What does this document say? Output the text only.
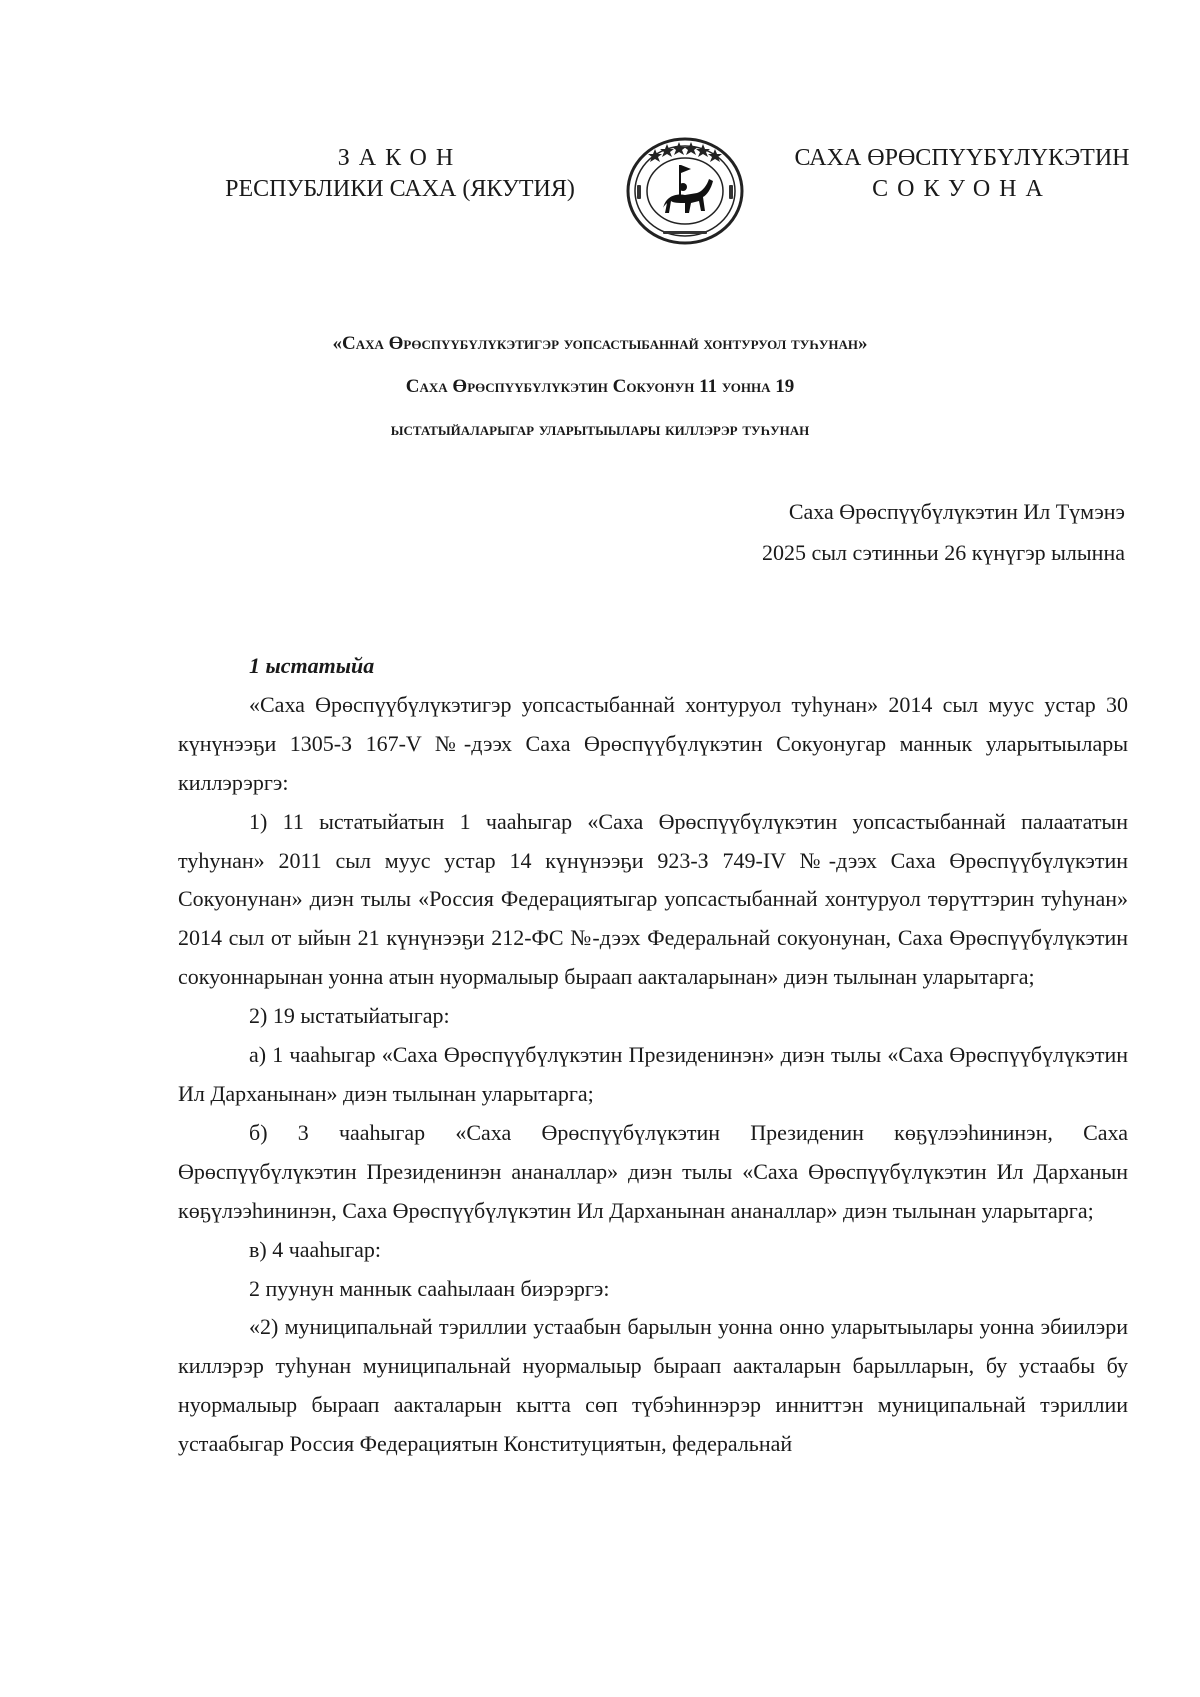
ЗАКОН
РЕСПУБЛИКИ САХА (ЯКУТИЯ)
САХА ӨРӨСПҮҮБҮЛҮКЭТИН
СОКУОНА
«Саха Өрөспүүбүлүкэтигэр уопсастыбаннай хонтуруол туһунан»
Саха Өрөспүүбүлүкэтин Сокуонун 11 уонна 19
ыстатыйаларыгар уларытыылары киллэрэр туһунан
Саха Өрөспүүбүлүкэтин Ил Түмэнэ
2025 сыл сэтинньи 26 күнүгэр ылынна
1 ыстатыйа

«Саха Өрөспүүбүлүкэтигэр уопсастыбаннай хонтуруол туһунан» 2014 сыл муус устар 30 күнүнээҕи 1305-З 167-V №-дээх Саха Өрөспүүбүлүкэтин Сокуонугар маннык уларытыылары киллэрэргэ:

1) 11 ыстатыйатын 1 чааһыгар «Саха Өрөспүүбүлүкэтин уопсастыбаннай палаататын туһунан» 2011 сыл муус устар 14 күнүнээҕи 923-З 749-IV №-дээх Саха Өрөспүүбүлүкэтин Сокуонунан» диэн тылы «Россия Федерациятыгар уопсастыбаннай хонтуруол төрүттэрин туһунан» 2014 сыл от ыйын 21 күнүнээҕи 212-ФС №-дээх Федеральнай сокуонунан, Саха Өрөспүүбүлүкэтин сокуоннарынан уонна атын нуормалыыр быраап аакталарынан» диэн тылынан уларытарга;

2) 19 ыстатыйатыгар:

а) 1 чааһыгар «Саха Өрөспүүбүлүкэтин Президенинэн» диэн тылы «Саха Өрөспүүбүлүкэтин Ил Дарханынан» диэн тылынан уларытарга;

б) 3 чааһыгар «Саха Өрөспүүбүлүкэтин Президенин көҕүлээһининэн, Саха Өрөспүүбүлүкэтин Президенинэн ананаллар» диэн тылы «Саха Өрөспүүбүлүкэтин Ил Дарханын көҕүлээһининэн, Саха Өрөспүүбүлүкэтин Ил Дарханынан ананаллар» диэн тылынан уларытарга;

в) 4 чааһыгар:

2 пуунун маннык сааһылаан биэрэргэ:

«2) муниципальнай тэриллии устаабын барылын уонна онно уларытыылары уонна эбиилэри киллэрэр туһунан муниципальнай нуормалыыр быраап аакталарын барылларын, бу устаабы бу нуормалыыр быраап аакталарын кытта сөп түбэһиннэрэр инниттэн муниципальнай тэриллии устаабыгар Россия Федерациятын Конституциятын, федеральнай
